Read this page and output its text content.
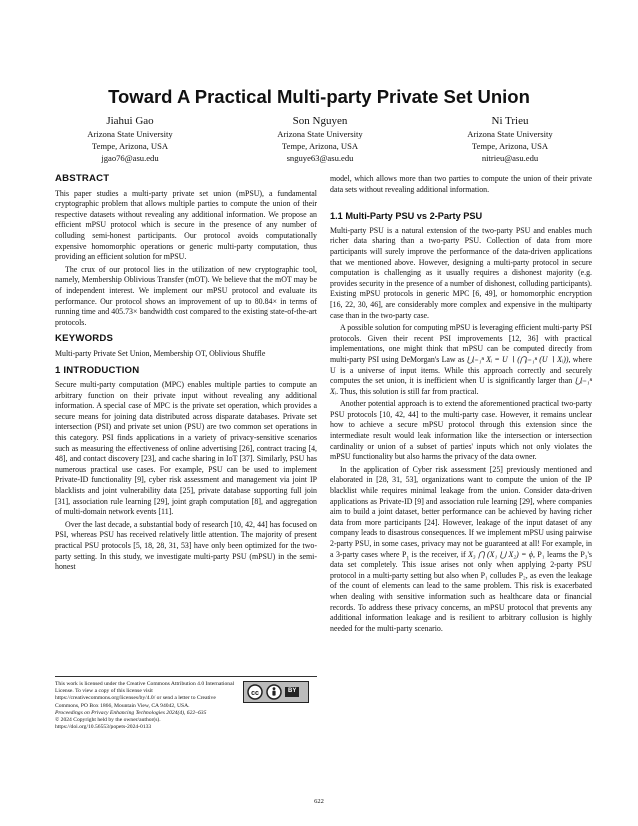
Toward A Practical Multi-party Private Set Union
Jiahui Gao
Arizona State University
Tempe, Arizona, USA
jgao76@asu.edu
Son Nguyen
Arizona State University
Tempe, Arizona, USA
snguye63@asu.edu
Ni Trieu
Arizona State University
Tempe, Arizona, USA
nitrieu@asu.edu
ABSTRACT

This paper studies a multi-party private set union (mPSU), a fundamental cryptographic problem that allows multiple parties to compute the union of their respective datasets without revealing any additional information. We propose an efficient mPSU protocol which is secure in the presence of any number of colluding semi-honest participants. Our protocol avoids computationally expensive homomorphic operations or generic multi-party computation, thus providing an efficient solution for mPSU.

The crux of our protocol lies in the utilization of new cryptographic tool, namely, Membership Oblivious Transfer (mOT). We believe that the mOT may be of independent interest. We implement our mPSU protocol and evaluate its performance. Our protocol shows an improvement of up to 80.84× in terms of running time and 405.73× bandwidth cost compared to the existing state-of-the-art protocols.

KEYWORDS

Multi-party Private Set Union, Membership OT, Oblivious Shuffle

1 INTRODUCTION

Secure multi-party computation (MPC) enables multiple parties to compute an arbitrary function on their private input without revealing any additional information. A special case of MPC is the private set operation, which provides a secure means for joining data distributed across disparate databases. Private set intersection (PSI) and private set union (PSU) are two common set operations in this category. PSI finds applications in a variety of privacy-sensitive scenarios such as measuring the effectiveness of online advertising [26], contract tracing [4, 48], and contact discovery [23], and cache sharing in IoT [37]. Similarly, PSU has numerous practical use cases. For example, PSU can be used to implement Private-ID functionality [9], cyber risk assessment and management via joint IP blacklists and joint vulnerability data [25], private database supporting full join [31], association rule learning [29], joint graph computation [8], and aggregation of multi-domain network events [11].

Over the last decade, a substantial body of research [10, 42, 44] has focused on PSI, whereas PSU has received relatively little attention. The majority of present practical PSU protocols [5, 18, 28, 31, 53] have only been optimized for the two-party setting. In this study, we investigate multi-party PSU (mPSU) in the semi-honest

model, which allows more than two parties to compute the union of their private data sets without revealing additional information.

1.1 Multi-Party PSU vs 2-Party PSU

Multi-party PSU is a natural extension of the two-party PSU and enables much richer data sharing than a two-party PSU. Collection of data from more participants will surely improve the performance of the data-driven applications that we mentioned above. However, designing a multi-party protocol in secure computation is challenging as it usually requires a dishonest majority (e.g. provides security in the presence of a number of dishonest, colluding participants). Existing mPSU protocols in generic MPC [6, 49], or homomorphic encryption [16, 22, 30, 46], are considerably more complex and expensive in the multiparty case than in the two-party case.

A possible solution for computing mPSU is leveraging efficient multi-party PSI protocols. Given their recent PSI improvements [12, 36] with practical implementations, one might think that mPSU can be computed directly from multi-party PSI using DeMorgan's Law as ⋃ᵢ₌₁ⁿ Xᵢ = U ∖ (⋂ᵢ₌₁ⁿ (U ∖ Xᵢ)), where U is a universe of input items. While this approach correctly and securely computes the set union, it is inefficient when U is significantly larger than ⋃ᵢ₌₁ⁿ Xᵢ. Thus, this solution is still far from practical.

Another potential approach is to extend the aforementioned practical two-party PSU protocols [10, 42, 44] to the multi-party case. However, it remains unclear how to achieve a secure mPSU protocol through this extension since the intermediate result would leak information like the intersection or intersection cardinality or union of a subset of parties' inputs which not only violates the mPSU functionality but also harms the privacy of the data owner.

In the application of Cyber risk assessment [25] previously mentioned and elaborated in [28, 31, 53], organizations want to compute the union of the IP blacklist while requires minimal leakage from the union. Consider data-driven applications as Private-ID [9] and association rule learning [29], where companies aim to build a joint dataset, better performance can be achieved by having richer data from more participants [24]. However, leakage of the input dataset of any company leads to disastrous consequences. If we implement mPSU using pairwise 2-party PSU, in some cases, privacy may not be guaranteed at all! For example, in a 3-party cases where $P_1$ is the receiver, if X₃ ⋂ (X₁ ⋃ X₂) = ϕ, P₁ learns the P₃'s data set completely. This issue arises not only when applying 2-party PSU protocol in a multi-party setting but also when P₁ colludes P₂, as even the leakage of the count of elements can lead to the same problem. This risk is exacerbated when dealing with sensitive information such as healthcare data or financial records. To address these privacy concerns, an mPSU protocol that prevents any additional information leakage and is resilient to arbitrary collusion is highly needed for the multi-party scenario.

This work is licensed under the Creative Commons Attribution 4.0 International License. To view a copy of this license visit https://creativecommons.org/licenses/by/4.0/ or send a letter to Creative Commons, PO Box 1866, Mountain View, CA 94042, USA.
cc	BY
Proceedings on Privacy Enhancing Technologies 2024(4), 622–635
© 2024 Copyright held by the owner/author(s).
https://doi.org/10.56553/popets-2024-0133
622
